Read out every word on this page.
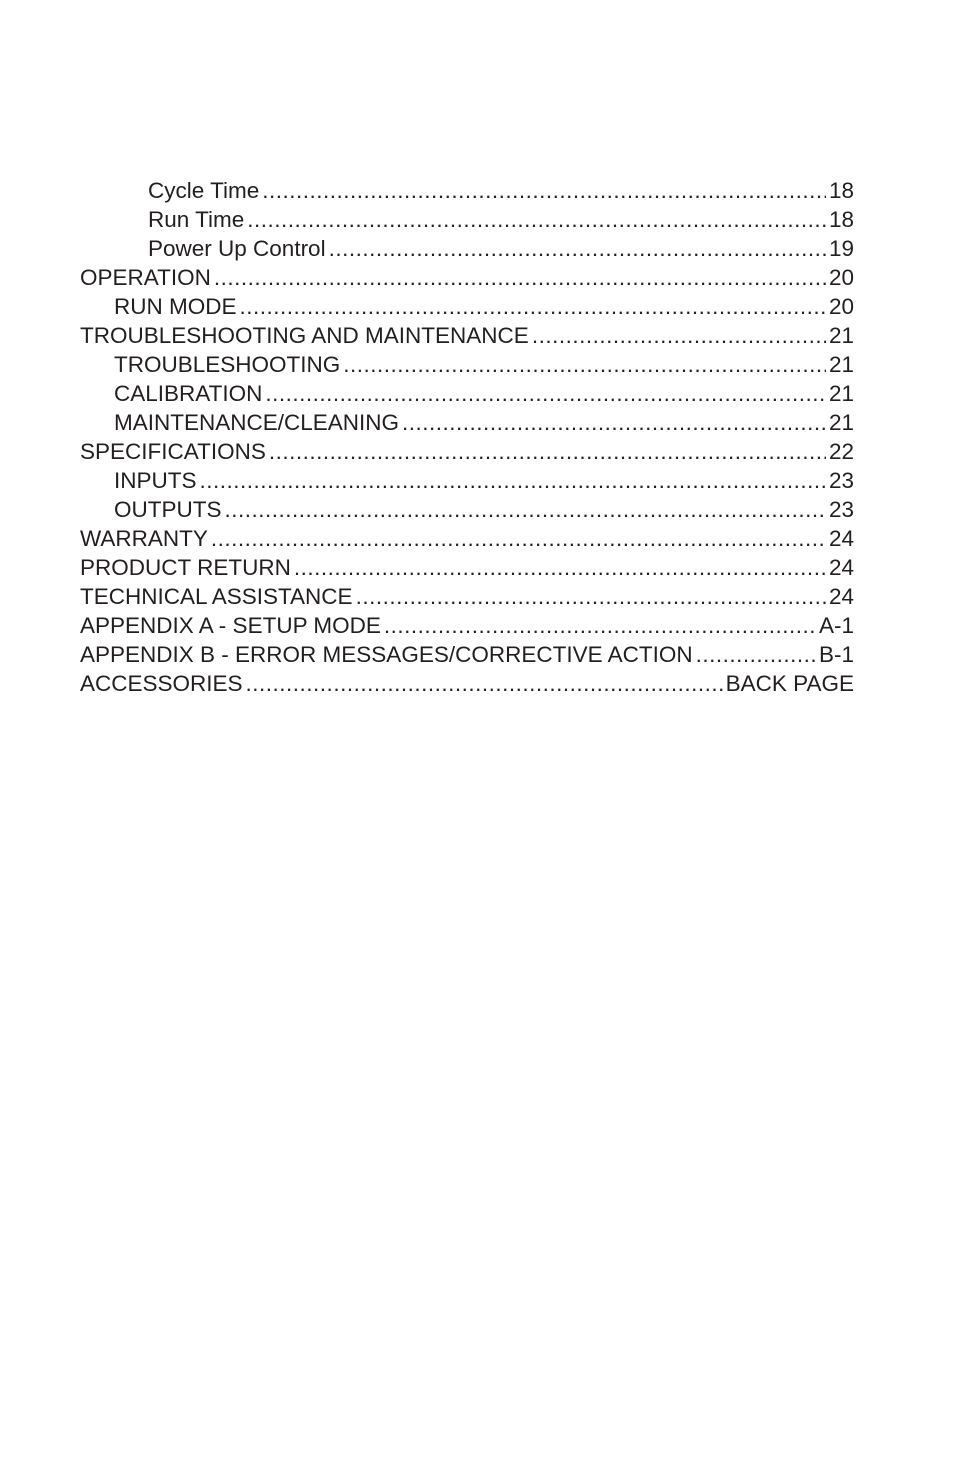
Cycle Time .....	18
Run Time .....	18
Power Up Control .....	19
OPERATION .....	20
RUN MODE .....	20
TROUBLESHOOTING AND MAINTENANCE .....	21
TROUBLESHOOTING .....	21
CALIBRATION .....	21
MAINTENANCE/CLEANING .....	21
SPECIFICATIONS .....	22
INPUTS .....	23
OUTPUTS .....	23
WARRANTY .....	24
PRODUCT RETURN .....	24
TECHNICAL ASSISTANCE .....	24
APPENDIX A - SETUP MODE .....	A-1
APPENDIX B - ERROR MESSAGES/CORRECTIVE ACTION .....	B-1
ACCESSORIES .....	BACK PAGE
